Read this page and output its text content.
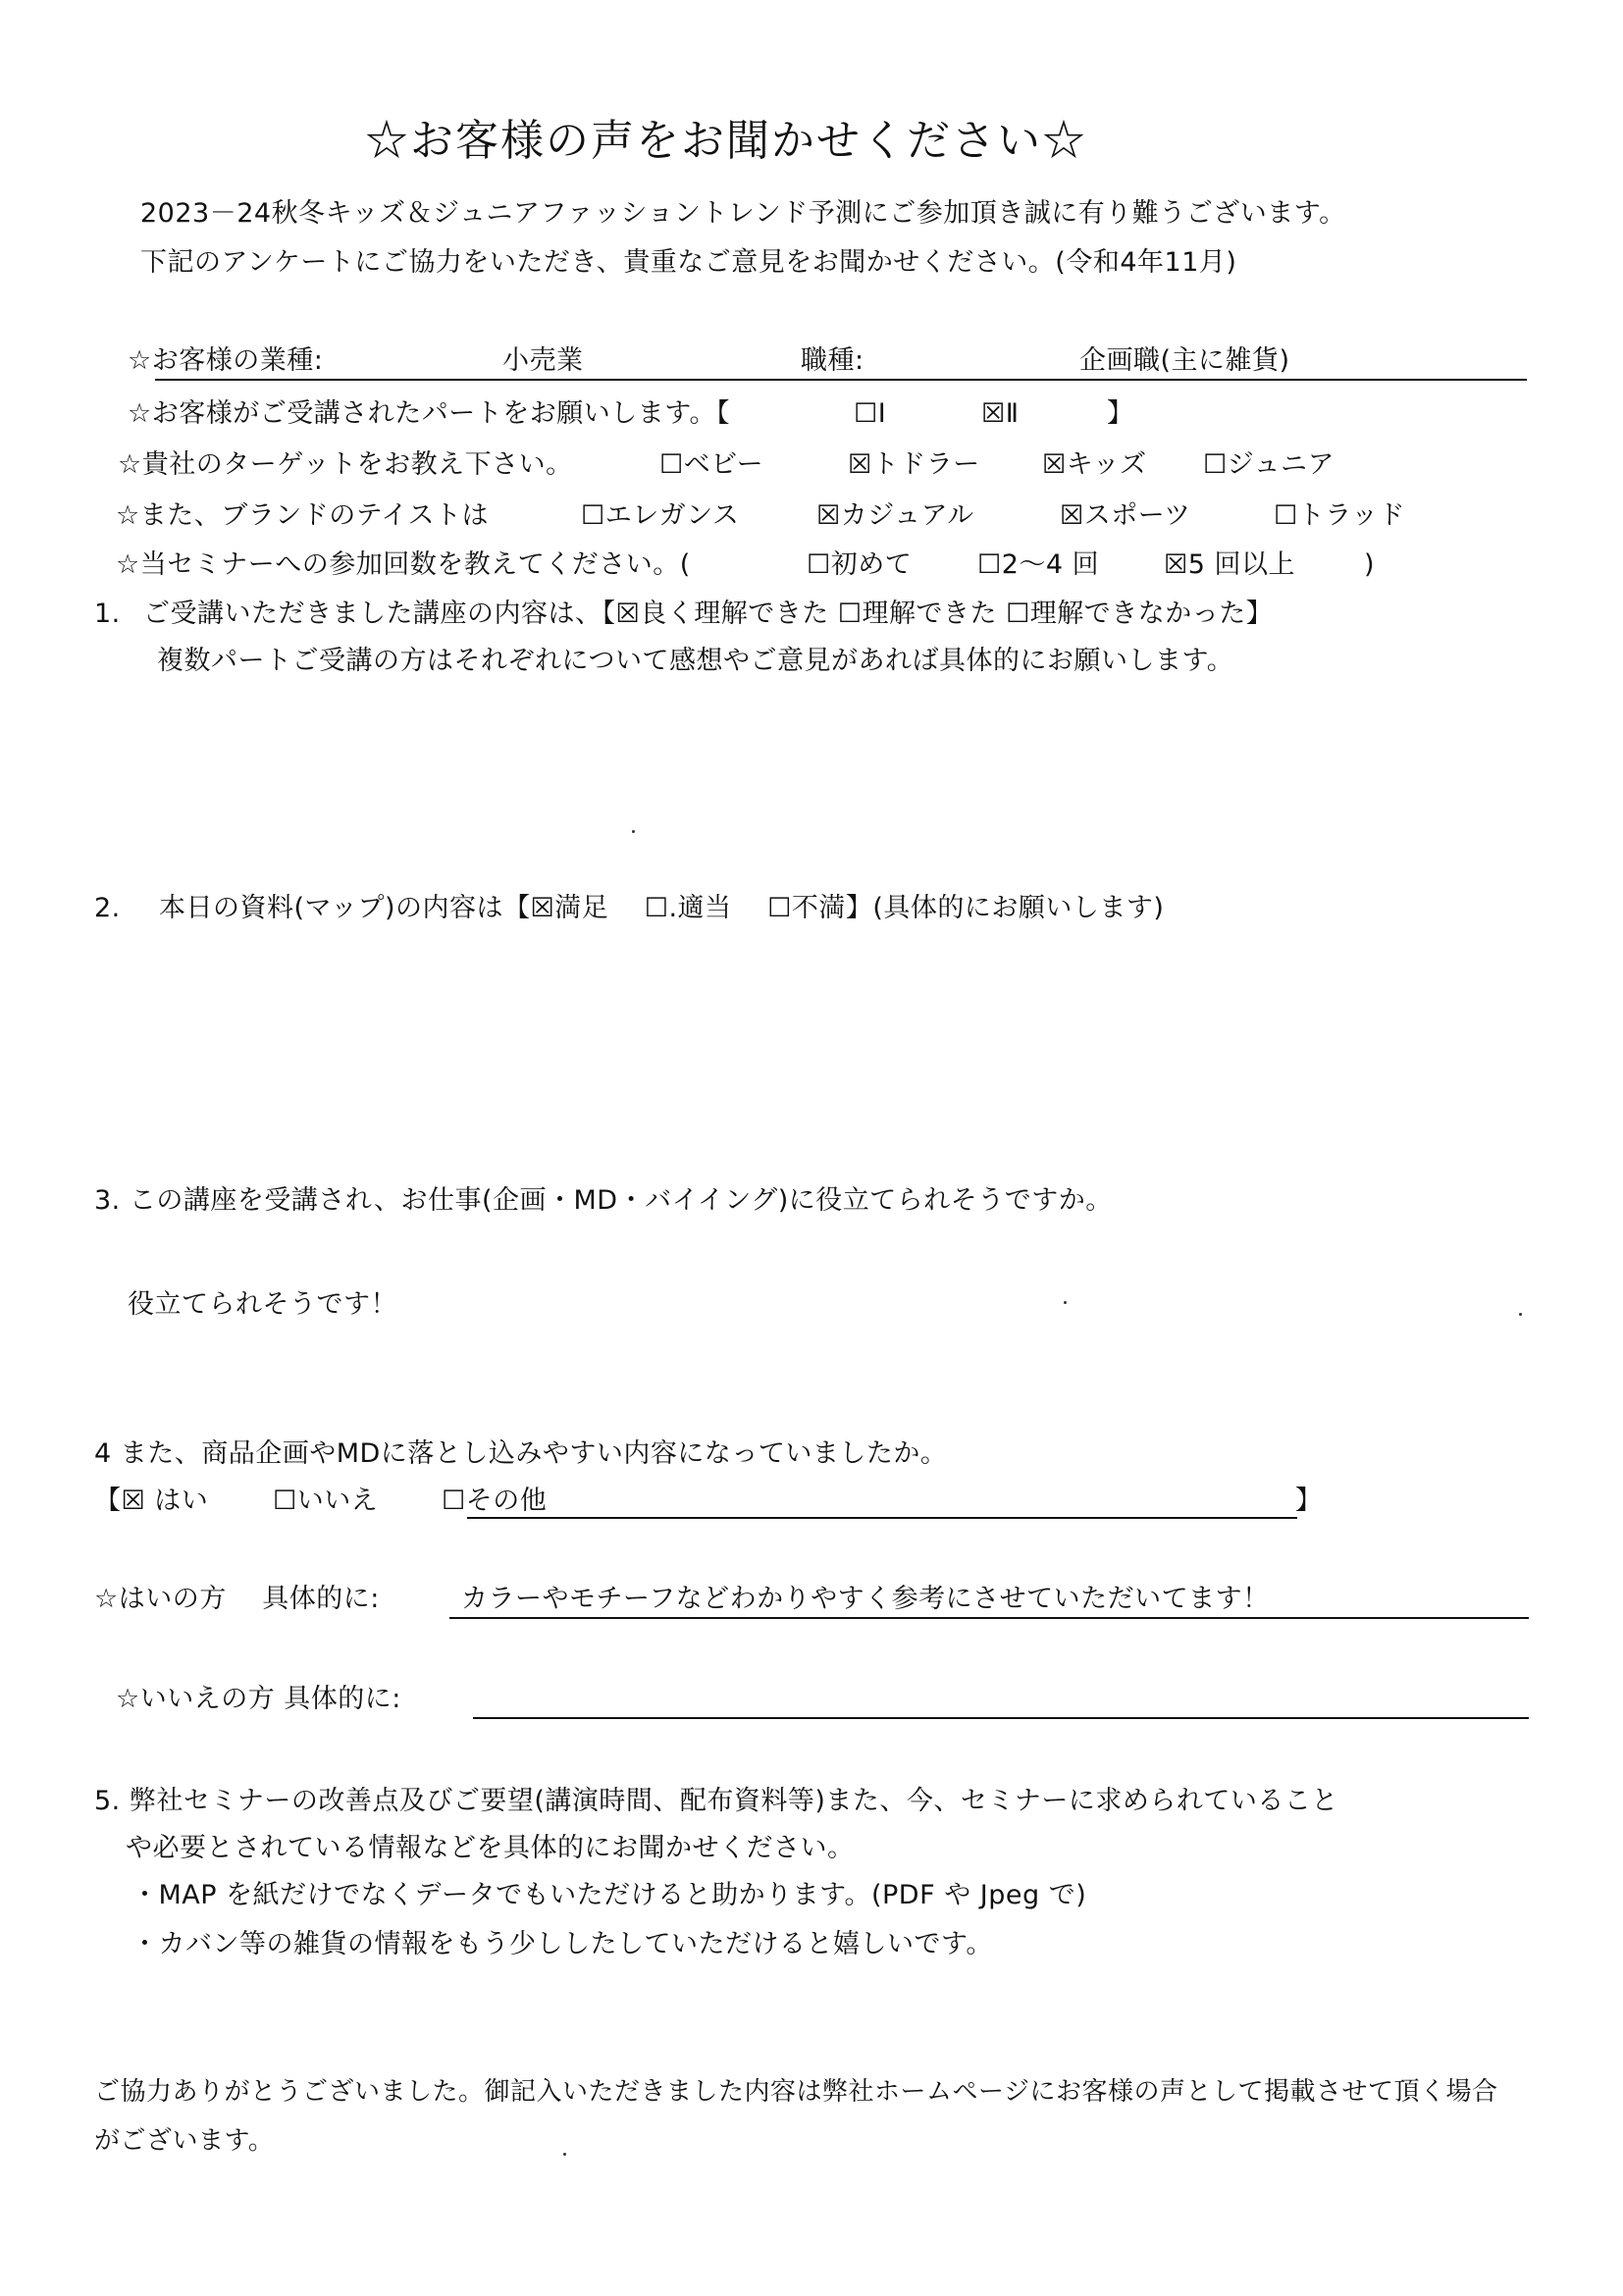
☆お客様の声をお聞かせください☆
2023－24秋冬キッズ＆ジュニアファッショントレンド予測にご参加頂き誠に有り難うございます。
下記のアンケートにご協力をいただき、貴重なご意見をお聞かせください。(令和4年11月)
☆お客様の業種:	小売業	職種:	企画職(主に雑貨)
☆お客様がご受講されたパートをお願いします。【	☐Ⅰ	☒Ⅱ	】
☆貴社のターゲットをお教え下さい。	☐ベビー	☒トドラー ☒キッズ ☐ジュニア
☆また、ブランドのテイストは	☐エレガンス	☒カジュアル	☒スポーツ	☐トラッド
☆当セミナーへの参加回数を教えてください。(	☐初めて ☐2～4 回 ☒5 回以上	)
1. ご受講いただきました講座の内容は、【☒良く理解できた ☐理解できた ☐理解できなかった】
複数パートご受講の方はそれぞれについて感想やご意見があれば具体的にお願いします。
2. 本日の資料(マップ)の内容は【☒満足　 ☐.適当　 ☐不満】(具体的にお願いします)
3. この講座を受講され、お仕事(企画・MD・バイイング)に役立てられそうですか。
役立てられそうです！
4 また、商品企画やMDに落とし込みやすい内容になっていましたか。
【☒ はい ☐いいえ ☐その他	】
☆はいの方　 具体的に:	カラーやモチーフなどわかりやすく参考にさせていただいてます！
☆いいえの方 具体的に:
5. 弊社セミナーの改善点及びご要望(講演時間、配布資料等)また、今、セミナーに求められていること
や必要とされている情報などを具体的にお聞かせください。
・MAP を紙だけでなくデータでもいただけると助かります。(PDF や Jpeg で)
・カバン等の雑貨の情報をもう少ししたしていただけると嬉しいです。
ご協力ありがとうございました。御記入いただきました内容は弊社ホームページにお客様の声として掲載させて頂く場合
がございます。
